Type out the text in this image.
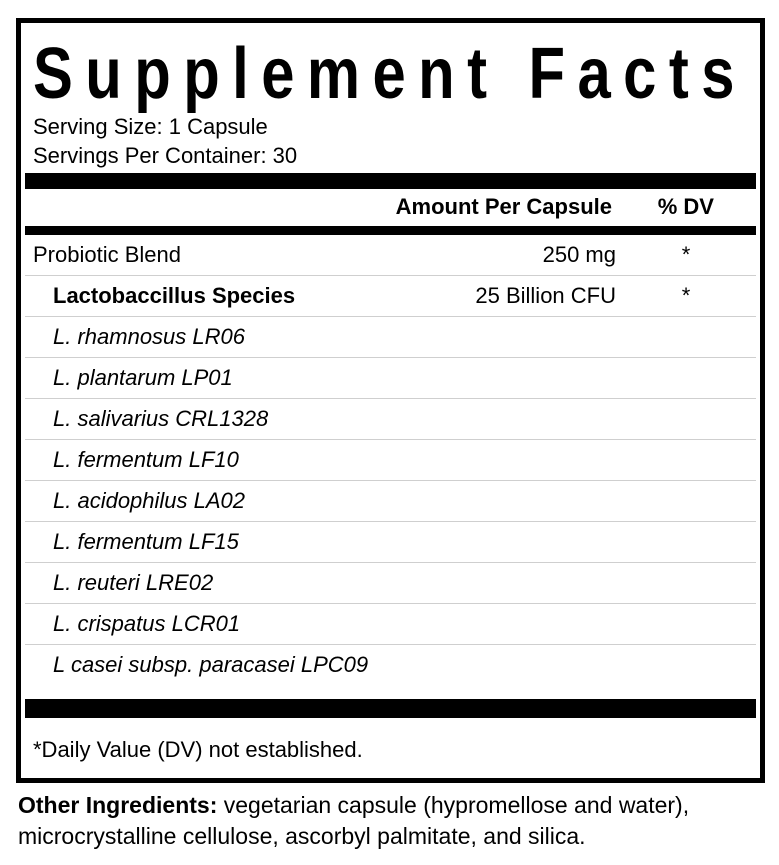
Supplement Facts
Serving Size: 1 Capsule
Servings Per Container: 30
Amount Per Capsule % DV
Probiotic Blend	250 mg	*
Lactobaccillus Species	25 Billion CFU	*
L. rhamnosus LR06
L. plantarum LP01
L. salivarius CRL1328
L. fermentum LF10
L. acidophilus LA02
L. fermentum LF15
L. reuteri LRE02
L. crispatus LCR01
L casei subsp. paracasei LPC09
*Daily Value (DV) not established.

Other Ingredients: vegetarian capsule (hypromellose and water), microcrystalline cellulose, ascorbyl palmitate, and silica.
